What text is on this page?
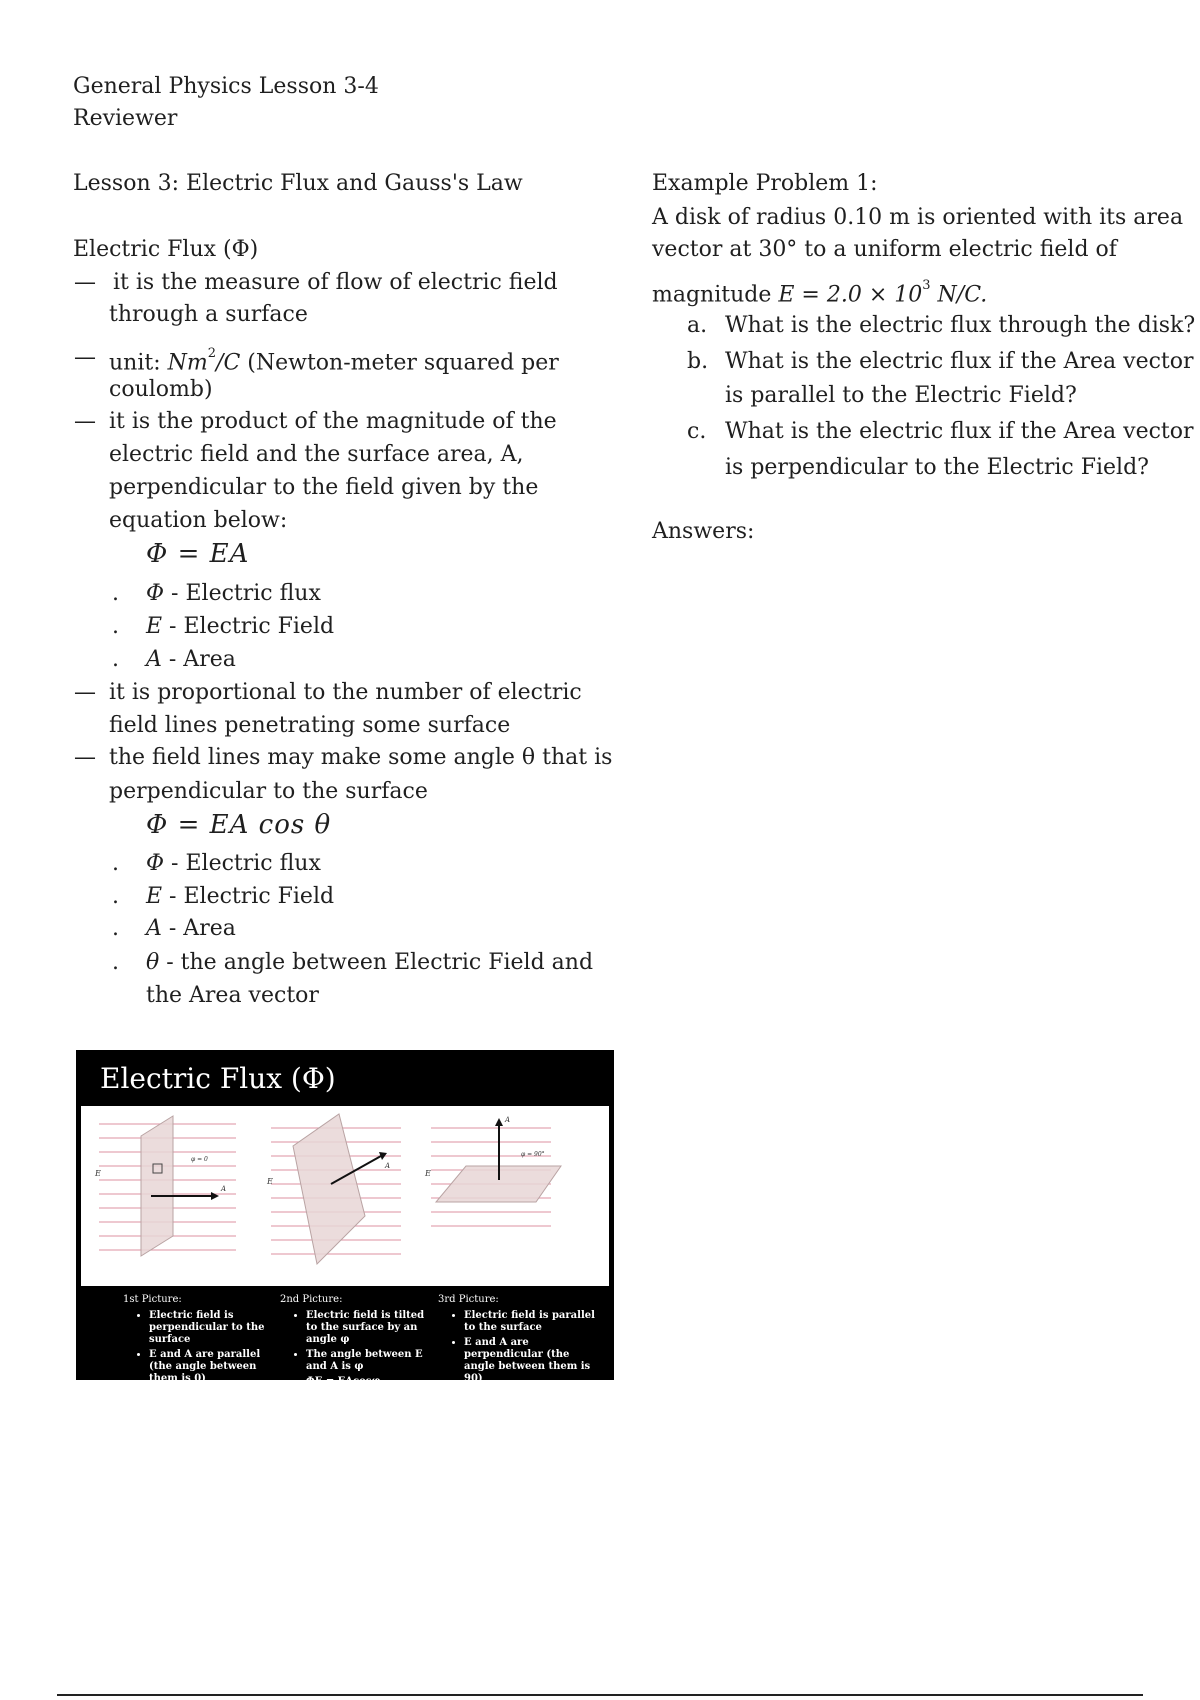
General Physics Lesson 3-4
Reviewer
Lesson 3: Electric Flux and Gauss's Law
Electric Flux (Φ)
— it is the measure of flow of electric field
through a surface
— unit: Nm$^2$/C (Newton-meter squared per
coulomb)
— it is the product of the magnitude of the
electric field and the surface area, A,
perpendicular to the field given by the
equation below:
Φ = EA
. Φ - Electric flux
. E - Electric Field
. A - Area
— it is proportional to the number of electric
field lines penetrating some surface
— the field lines may make some angle θ that is
perpendicular to the surface
Φ = EA cos θ
. Φ - Electric flux
. E - Electric Field
. A - Area
. θ - the angle between Electric Field and
the Area vector
Electric Flux (Φ)
E
A
φ = 0
E
A
E
A
φ = 90°
1st Picture:
• Electric field is perpendicular to the surface
• E and A are parallel (the angle between them is 0)
• ΦE = EA
2nd Picture:
• Electric field is tilted to the surface by an angle φ
• The angle between E and A is φ
• ΦE = EAcosφ
3rd Picture:
• Electric field is parallel to the surface
• E and A are perpendicular (the angle between them is 90)
• ΦE = 0
Example Problem 1:
A disk of radius 0.10 m is oriented with its area
vector at 30° to a uniform electric field of
magnitude $E = 2.0 \times 10^3$ N/C.
a. What is the electric flux through the disk?
b. What is the electric flux if the Area vector
is parallel to the Electric Field?
c. What is the electric flux if the Area vector
is perpendicular to the Electric Field?
Answers:
